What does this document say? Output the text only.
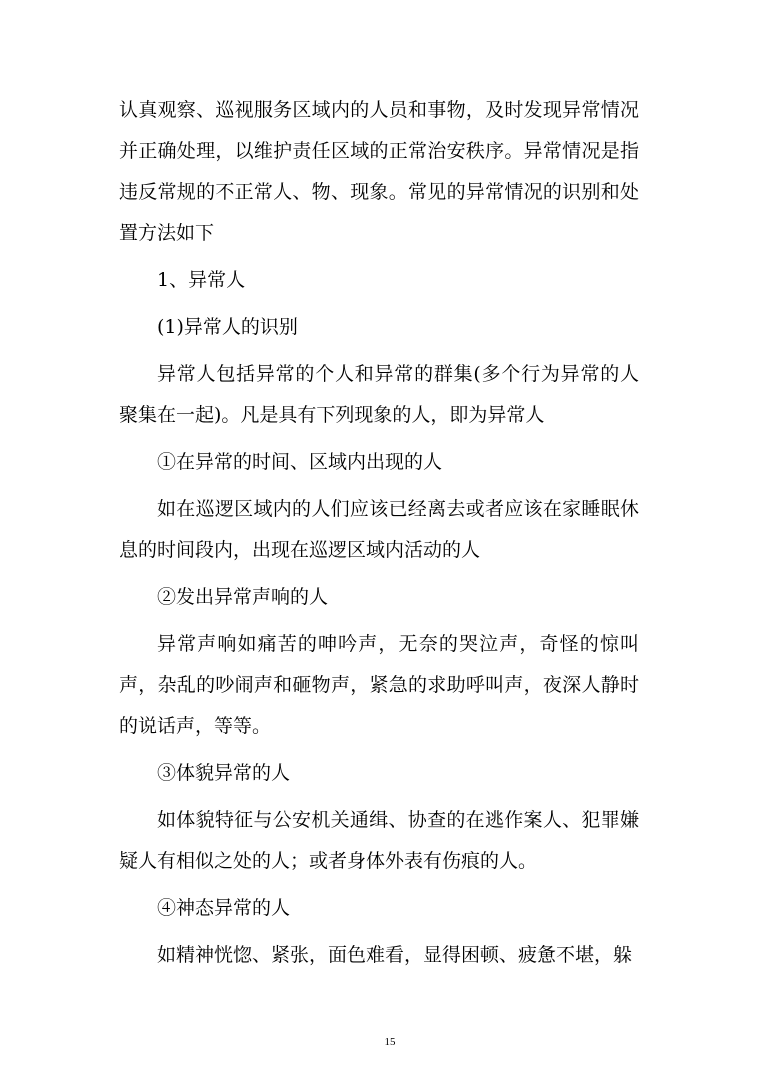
认真观察、巡视服务区域内的人员和事物，及时发现异常情况并正确处理，以维护责任区域的正常治安秩序。异常情况是指违反常规的不正常人、物、现象。常见的异常情况的识别和处置方法如下

1、异常人

(1)异常人的识别

异常人包括异常的个人和异常的群集(多个行为异常的人聚集在一起)。凡是具有下列现象的人，即为异常人

①在异常的时间、区域内出现的人

如在巡逻区域内的人们应该已经离去或者应该在家睡眠休息的时间段内，出现在巡逻区域内活动的人

②发出异常声响的人

异常声响如痛苦的呻吟声，无奈的哭泣声，奇怪的惊叫声，杂乱的吵闹声和砸物声，紧急的求助呼叫声，夜深人静时的说话声，等等。

③体貌异常的人

如体貌特征与公安机关通缉、协查的在逃作案人、犯罪嫌疑人有相似之处的人；或者身体外表有伤痕的人。

④神态异常的人

如精神恍惚、紧张，面色难看，显得困顿、疲惫不堪，躲

15
